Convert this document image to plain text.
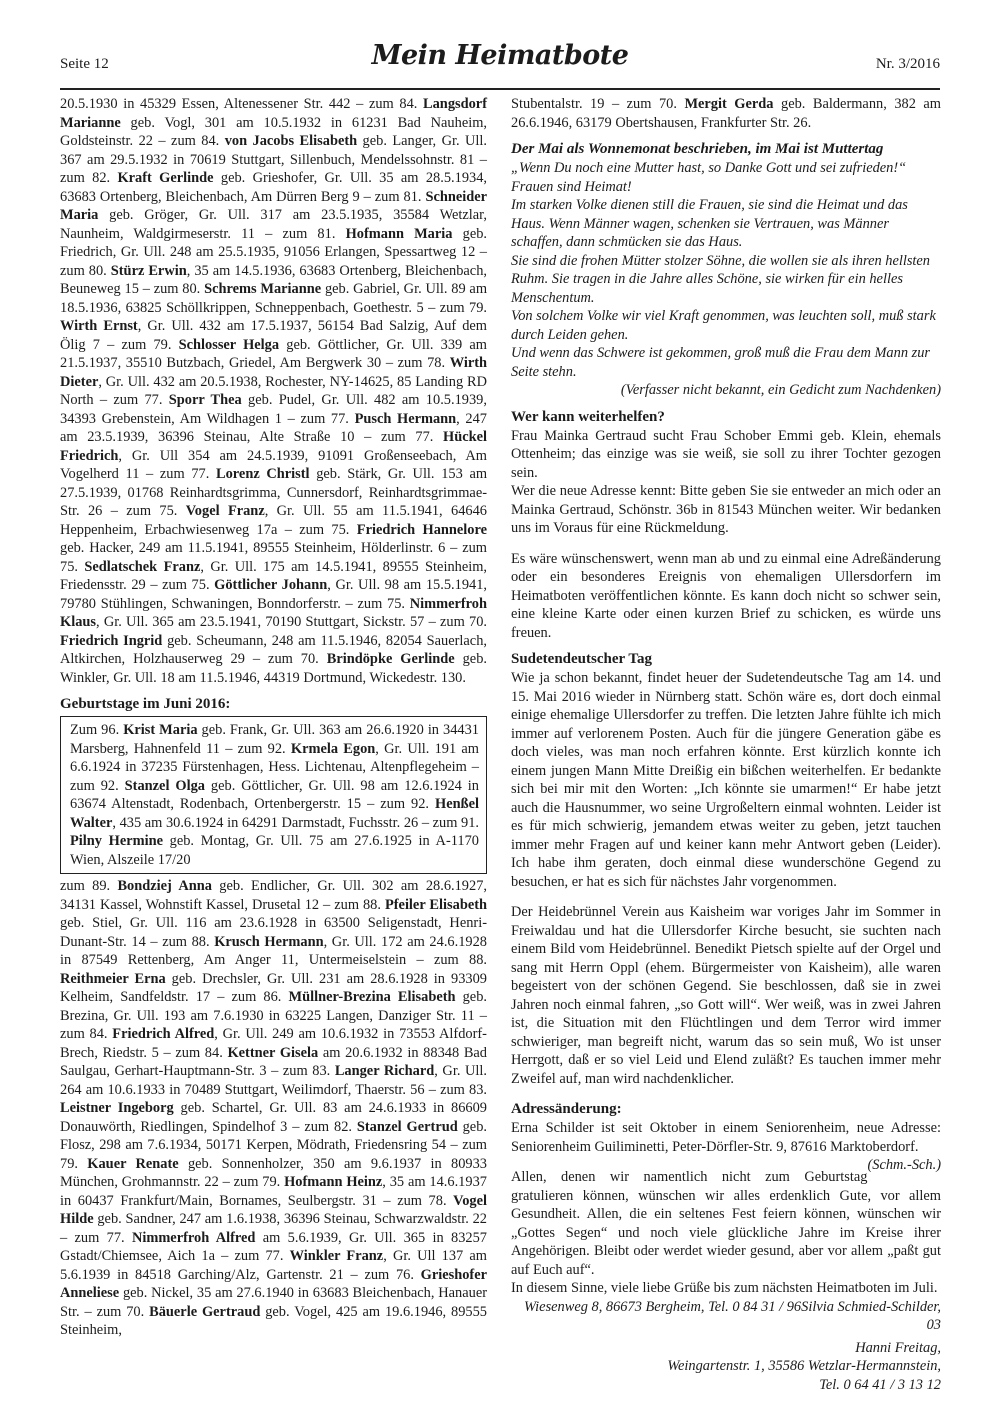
Seite 12	Mein Heimatbote	Nr. 3/2016

20.5.1930 in 45329 Essen, Altenessener Str. 442 – zum 84. Langsdorf Marianne geb. Vogl, 301 am 10.5.1932 in 61231 Bad Nauheim, Goldsteinstr. 22 – zum 84. von Jacobs Elisabeth geb. Langer, Gr. Ull. 367 am 29.5.1932 in 70619 Stuttgart, Sillenbuch, Mendelssohnstr. 81 – zum 82. Kraft Gerlinde geb. Grieshofer, Gr. Ull. 35 am 28.5.1934, 63683 Ortenberg, Bleichenbach, Am Dürren Berg 9 – zum 81. Schneider Maria geb. Gröger, Gr. Ull. 317 am 23.5.1935, 35584 Wetzlar, Naunheim, Waldgirmeserstr. 11 – zum 81. Hofmann Maria geb. Friedrich, Gr. Ull. 248 am 25.5.1935, 91056 Erlangen, Spessartweg 12 – zum 80. Stürz Erwin, 35 am 14.5.1936, 63683 Ortenberg, Bleichenbach, Beuneweg 15 – zum 80. Schrems Marianne geb. Gabriel, Gr. Ull. 89 am 18.5.1936, 63825 Schöllkrippen, Schneppenbach, Goethestr. 5 – zum 79. Wirth Ernst, Gr. Ull. 432 am 17.5.1937, 56154 Bad Salzig, Auf dem Ölig 7 – zum 79. Schlosser Helga geb. Göttlicher, Gr. Ull. 339 am 21.5.1937, 35510 Butzbach, Griedel, Am Bergwerk 30 – zum 78. Wirth Dieter, Gr. Ull. 432 am 20.5.1938, Rochester, NY-14625, 85 Landing RD North – zum 77. Sporr Thea geb. Pudel, Gr. Ull. 482 am 10.5.1939, 34393 Grebenstein, Am Wildhagen 1 – zum 77. Pusch Hermann, 247 am 23.5.1939, 36396 Steinau, Alte Straße 10 – zum 77. Hückel Friedrich, Gr. Ull 354 am 24.5.1939, 91091 Großenseebach, Am Vogelherd 11 – zum 77. Lorenz Christl geb. Stärk, Gr. Ull. 153 am 27.5.1939, 01768 Reinhardtsgrimma, Cunnersdorf, Reinhardtsgrimmae-Str. 26 – zum 75. Vogel Franz, Gr. Ull. 55 am 11.5.1941, 64646 Heppenheim, Erbachwiesenweg 17a – zum 75. Friedrich Hannelore geb. Hacker, 249 am 11.5.1941, 89555 Steinheim, Hölderlinstr. 6 – zum 75. Sedlatschek Franz, Gr. Ull. 175 am 14.5.1941, 89555 Steinheim, Friedensstr. 29 – zum 75. Göttlicher Johann, Gr. Ull. 98 am 15.5.1941, 79780 Stühlingen, Schwaningen, Bonndorferstr. – zum 75. Nimmerfroh Klaus, Gr. Ull. 365 am 23.5.1941, 70190 Stuttgart, Sickstr. 57 – zum 70. Friedrich Ingrid geb. Scheumann, 248 am 11.5.1946, 82054 Sauerlach, Altkirchen, Holzhauserweg 29 – zum 70. Brindöpke Gerlinde geb. Winkler, Gr. Ull. 18 am 11.5.1946, 44319 Dortmund, Wickedestr. 130.

Geburtstage im Juni 2016:

Zum 96. Krist Maria geb. Frank, Gr. Ull. 363 am 26.6.1920 in 34431 Marsberg, Hahnenfeld 11 – zum 92. Krmela Egon, Gr. Ull. 191 am 6.6.1924 in 37235 Fürstenhagen, Hess. Lichtenau, Altenpflegeheim – zum 92. Stanzel Olga geb. Göttlicher, Gr. Ull. 98 am 12.6.1924 in 63674 Altenstadt, Rodenbach, Ortenbergerstr. 15 – zum 92. Henßel Walter, 435 am 30.6.1924 in 64291 Darmstadt, Fuchsstr. 26 – zum 91. Pilny Hermine geb. Montag, Gr. Ull. 75 am 27.6.1925 in A-1170 Wien, Alszeile 17/20

zum 89. Bondziej Anna geb. Endlicher, Gr. Ull. 302 am 28.6.1927, 34131 Kassel, Wohnstift Kassel, Drusetal 12 – zum 88. Pfeiler Elisabeth geb. Stiel, Gr. Ull. 116 am 23.6.1928 in 63500 Seligenstadt, Henri-Dunant-Str. 14 – zum 88. Krusch Hermann, Gr. Ull. 172 am 24.6.1928 in 87549 Rettenberg, Am Anger 11, Untermeiselstein – zum 88. Reithmeier Erna geb. Drechsler, Gr. Ull. 231 am 28.6.1928 in 93309 Kelheim, Sandfeldstr. 17 – zum 86. Müllner-Brezina Elisabeth geb. Brezina, Gr. Ull. 193 am 7.6.1930 in 63225 Langen, Danziger Str. 11 – zum 84. Friedrich Alfred, Gr. Ull. 249 am 10.6.1932 in 73553 Alfdorf-Brech, Riedstr. 5 – zum 84. Kettner Gisela am 20.6.1932 in 88348 Bad Saulgau, Gerhart-Hauptmann-Str. 3 – zum 83. Langer Richard, Gr. Ull. 264 am 10.6.1933 in 70489 Stuttgart, Weilimdorf, Thaerstr. 56 – zum 83. Leistner Ingeborg geb. Schartel, Gr. Ull. 83 am 24.6.1933 in 86609 Donauwörth, Riedlingen, Spindelhof 3 – zum 82. Stanzel Gertrud geb. Flosz, 298 am 7.6.1934, 50171 Kerpen, Mödrath, Friedensring 54 – zum 79. Kauer Renate geb. Sonnenholzer, 350 am 9.6.1937 in 80933 München, Grohmannstr. 22 – zum 79. Hofmann Heinz, 35 am 14.6.1937 in 60437 Frankfurt/Main, Bornames, Seulbergstr. 31 – zum 78. Vogel Hilde geb. Sandner, 247 am 1.6.1938, 36396 Steinau, Schwarzwaldstr. 22 – zum 77. Nimmerfroh Alfred am 5.6.1939, Gr. Ull. 365 in 83257 Gstadt/Chiemsee, Aich 1a – zum 77. Winkler Franz, Gr. Ull 137 am 5.6.1939 in 84518 Garching/Alz, Gartenstr. 21 – zum 76. Grieshofer Anneliese geb. Nickel, 35 am 27.6.1940 in 63683 Bleichenbach, Hanauer Str. – zum 70. Bäuerle Gertraud geb. Vogel, 425 am 19.6.1946, 89555 Steinheim,

Stubentalstr. 19 – zum 70. Mergit Gerda geb. Baldermann, 382 am 26.6.1946, 63179 Obertshausen, Frankfurter Str. 26.

Der Mai als Wonnemonat beschrieben, im Mai ist Muttertag

„Wenn Du noch eine Mutter hast, so Danke Gott und sei zufrieden!“ Frauen sind Heimat!

Im starken Volke dienen still die Frauen, sie sind die Heimat und das Haus. Wenn Männer wagen, schenken sie Vertrauen, was Männer schaffen, dann schmücken sie das Haus.

Sie sind die frohen Mütter stolzer Söhne, die wollen sie als ihren hellsten Ruhm. Sie tragen in die Jahre alles Schöne, sie wirken für ein helles Menschentum.

Von solchem Volke wir viel Kraft genommen, was leuchten soll, muß stark durch Leiden gehen.

Und wenn das Schwere ist gekommen, groß muß die Frau dem Mann zur Seite stehn.

(Verfasser nicht bekannt, ein Gedicht zum Nachdenken)

Wer kann weiterhelfen?

Frau Mainka Gertraud sucht Frau Schober Emmi geb. Klein, ehemals Ottenheim; das einzige was sie weiß, sie soll zu ihrer Tochter gezogen sein.

Wer die neue Adresse kennt: Bitte geben Sie sie entweder an mich oder an Mainka Gertraud, Schönstr. 36b in 81543 München weiter. Wir bedanken uns im Voraus für eine Rückmeldung.

Es wäre wünschenswert, wenn man ab und zu einmal eine Adreßänderung oder ein besonderes Ereignis von ehemaligen Ullersdorfern im Heimatboten veröffentlichen könnte. Es kann doch nicht so schwer sein, eine kleine Karte oder einen kurzen Brief zu schicken, es würde uns freuen.

Sudetendeutscher Tag

Wie ja schon bekannt, findet heuer der Sudetendeutsche Tag am 14. und 15. Mai 2016 wieder in Nürnberg statt. Schön wäre es, dort doch einmal einige ehemalige Ullersdorfer zu treffen. Die letzten Jahre fühlte ich mich immer auf verlorenem Posten. Auch für die jüngere Generation gäbe es doch vieles, was man noch erfahren könnte. Erst kürzlich konnte ich einem jungen Mann Mitte Dreißig ein bißchen weiterhelfen. Er bedankte sich bei mir mit den Worten: „Ich könnte sie umarmen!“ Er habe jetzt auch die Hausnummer, wo seine Urgroßeltern einmal wohnten. Leider ist es für mich schwierig, jemandem etwas weiter zu geben, jetzt tauchen immer mehr Fragen auf und keiner kann mehr Antwort geben (Leider). Ich habe ihm geraten, doch einmal diese wunderschöne Gegend zu besuchen, er hat es sich für nächstes Jahr vorgenommen.

Der Heidebrünnel Verein aus Kaisheim war voriges Jahr im Sommer in Freiwaldau und hat die Ullersdorfer Kirche besucht, sie suchten nach einem Bild vom Heidebrünnel. Benedikt Pietsch spielte auf der Orgel und sang mit Herrn Oppl (ehem. Bürgermeister von Kaisheim), alle waren begeistert von der schönen Gegend. Sie beschlossen, daß sie in zwei Jahren noch einmal fahren, „so Gott will“. Wer weiß, was in zwei Jahren ist, die Situation mit den Flüchtlingen und dem Terror wird immer schwieriger, man begreift nicht, warum das so sein muß, Wo ist unser Herrgott, daß er so viel Leid und Elend zuläßt? Es tauchen immer mehr Zweifel auf, man wird nachdenklicher.

Adressänderung:

Erna Schilder ist seit Oktober in einem Seniorenheim, neue Adresse: Seniorenheim Guiliminetti, Peter-Dörfler-Str. 9, 87616 Marktoberdorf.
(Schm.-Sch.)

Allen, denen wir namentlich nicht zum Geburtstag gratulieren können, wünschen wir alles erdenklich Gute, vor allem Gesundheit. Allen, die ein seltenes Fest feiern können, wünschen wir „Gottes Segen“ und noch viele glückliche Jahre im Kreise ihrer Angehörigen. Bleibt oder werdet wieder gesund, aber vor allem „paßt gut auf Euch auf“.

In diesem Sinne, viele liebe Grüße bis zum nächsten Heimatboten im Juli.
Silvia Schmied-Schilder,

Wiesenweg 8, 86673 Bergheim, Tel. 0 84 31 / 96 03

Hanni Freitag,

Weingartenstr. 1, 35586 Wetzlar-Hermannstein,

Tel. 0 64 41 / 3 13 12
